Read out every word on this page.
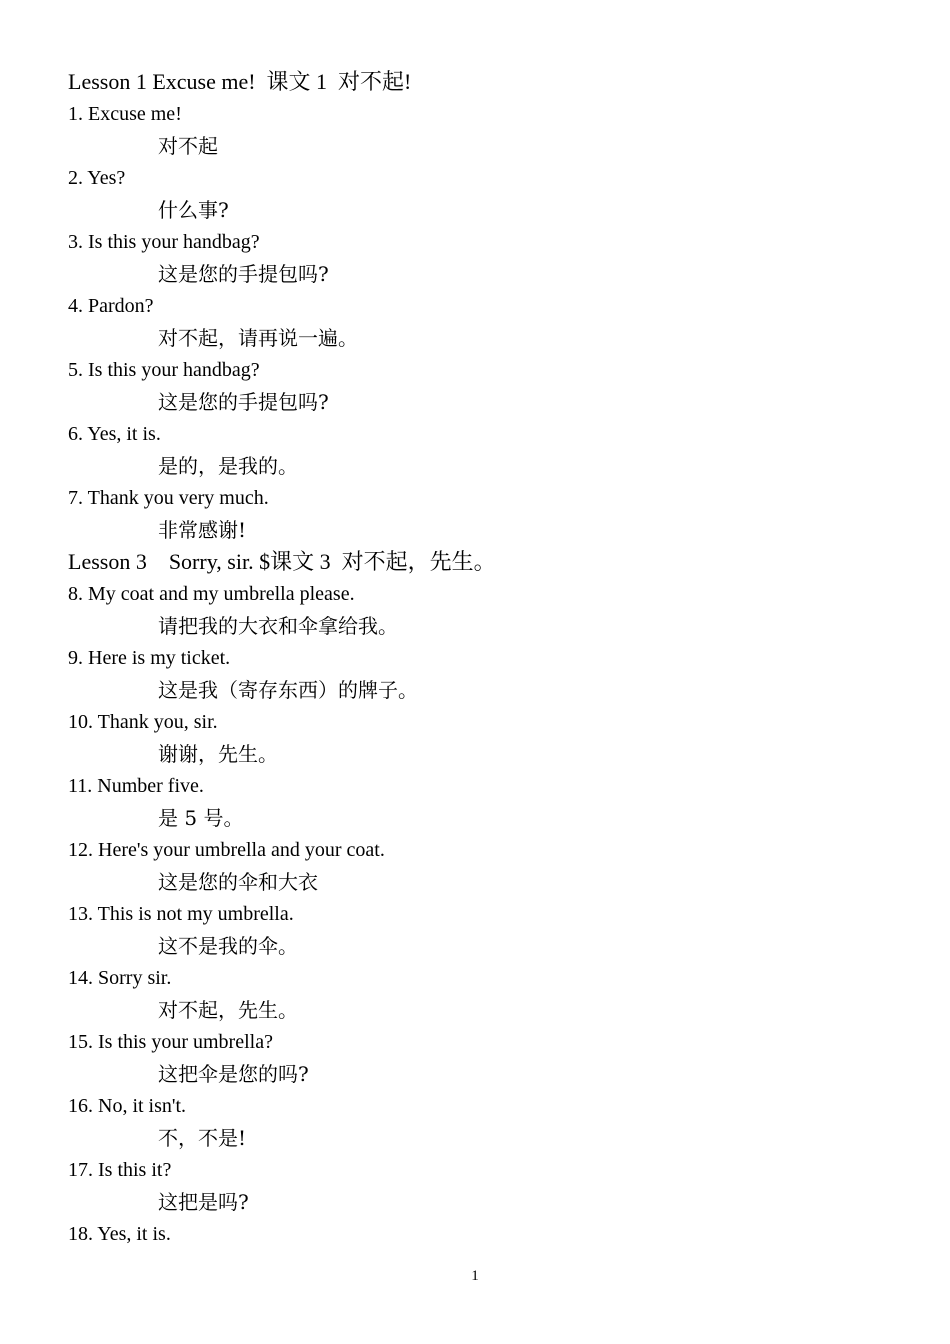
Lesson 1 Excuse me!  课文 1  对不起!
1. Excuse me!
对不起
2. Yes?
什么事?
3. Is this your handbag?
这是您的手提包吗?
4. Pardon?
对不起，请再说一遍。
5. Is this your handbag?
这是您的手提包吗?
6. Yes, it is.
是的，是我的。
7. Thank you very much.
非常感谢!
Lesson 3    Sorry, sir. $课文 3  对不起，先生。
8. My coat and my umbrella please.
请把我的大衣和伞拿给我。
9. Here is my ticket.
这是我（寄存东西）的牌子。
10. Thank you, sir.
谢谢，先生。
11. Number five.
是 5 号。
12. Here's your umbrella and your coat.
这是您的伞和大衣
13. This is not my umbrella.
这不是我的伞。
14. Sorry sir.
对不起，先生。
15. Is this your umbrella?
这把伞是您的吗?
16. No, it isn't.
不，不是!
17. Is this it?
这把是吗?
18. Yes, it is.
1
